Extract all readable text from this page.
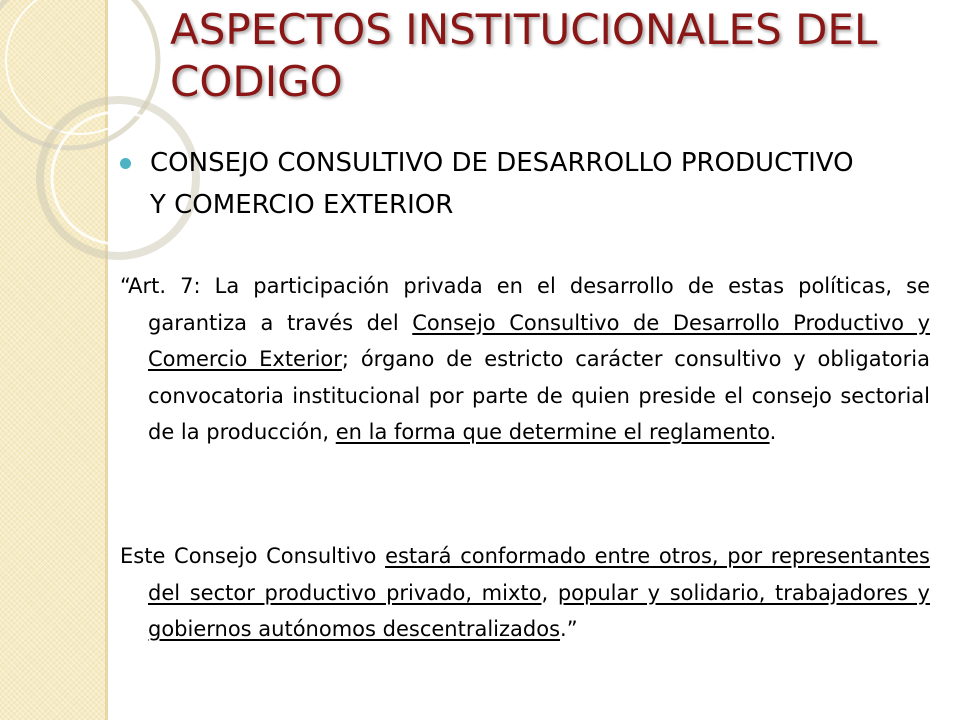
ASPECTOS INSTITUCIONALES DEL CODIGO
CONSEJO CONSULTIVO DE DESARROLLO PRODUCTIVO Y COMERCIO EXTERIOR

“Art. 7: La participación privada en el desarrollo de estas políticas, se garantiza a través del Consejo Consultivo de Desarrollo Productivo y Comercio Exterior; órgano de estricto carácter consultivo y obligatoria convocatoria institucional por parte de quien preside el consejo sectorial de la producción, en la forma que determine el reglamento.

Este Consejo Consultivo estará conformado entre otros, por representantes del sector productivo privado, mixto, popular y solidario, trabajadores y gobiernos autónomos descentralizados.”
